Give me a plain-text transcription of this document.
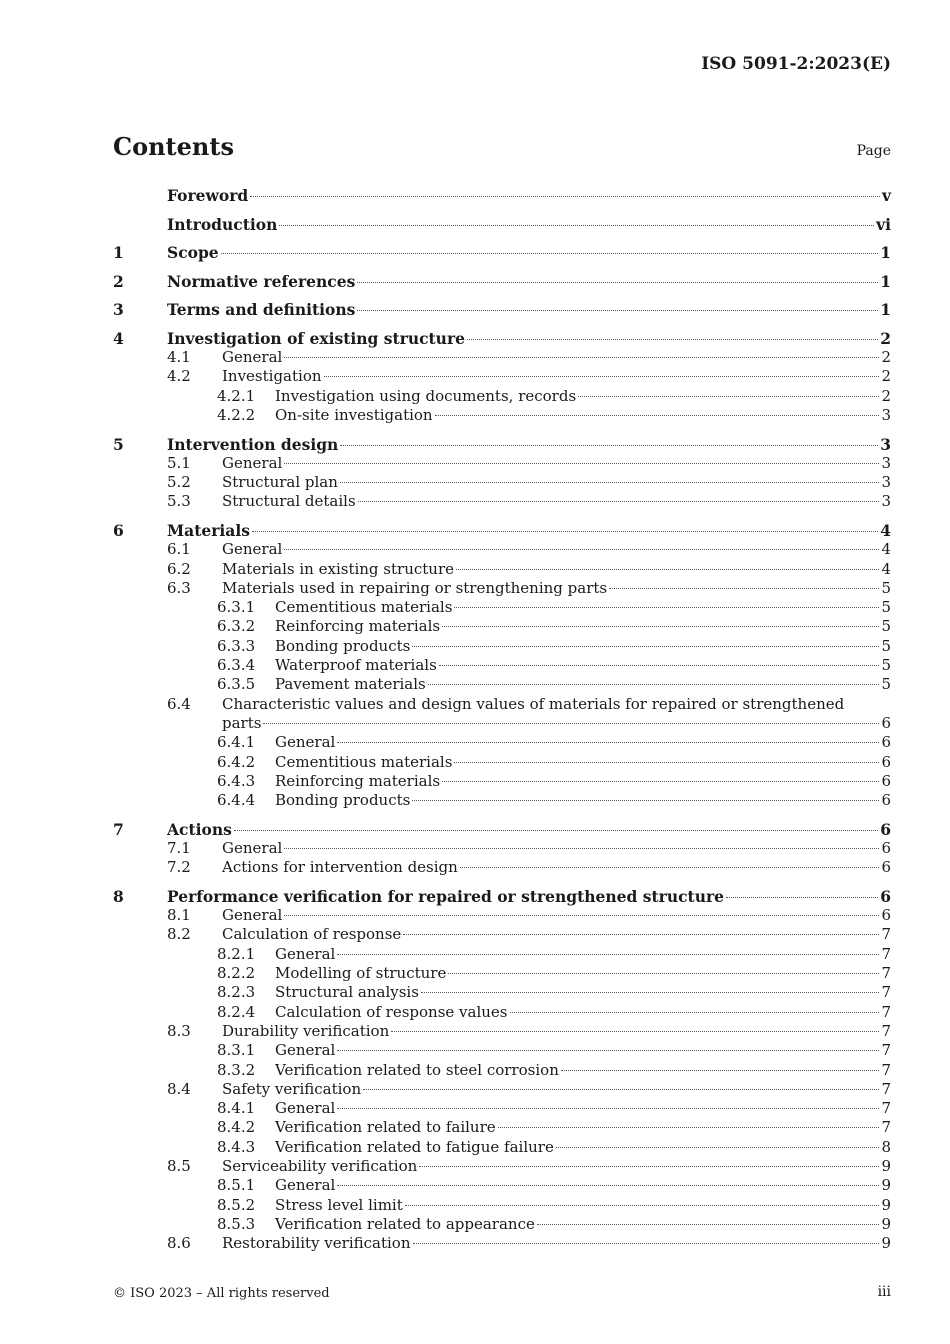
ISO 5091-2:2023(E)
Contents	Page
Foreword	v
Introduction	vi
1	Scope	1
2	Normative references	1
3	Terms and definitions	1
4	Investigation of existing structure	2
4.1	General	2
4.2	Investigation	2
4.2.1	Investigation using documents, records	2
4.2.2	On-site investigation	3
5	Intervention design	3
5.1	General	3
5.2	Structural plan	3
5.3	Structural details	3
6	Materials	4
6.1	General	4
6.2	Materials in existing structure	4
6.3	Materials used in repairing or strengthening parts	5
6.3.1	Cementitious materials	5
6.3.2	Reinforcing materials	5
6.3.3	Bonding products	5
6.3.4	Waterproof materials	5
6.3.5	Pavement materials	5
6.4	Characteristic values and design values of materials for repaired or strengthened
parts	6
6.4.1	General	6
6.4.2	Cementitious materials	6
6.4.3	Reinforcing materials	6
6.4.4	Bonding products	6
7	Actions	6
7.1	General	6
7.2	Actions for intervention design	6
8	Performance verification for repaired or strengthened structure	6
8.1	General	6
8.2	Calculation of response	7
8.2.1	General	7
8.2.2	Modelling of structure	7
8.2.3	Structural analysis	7
8.2.4	Calculation of response values	7
8.3	Durability verification	7
8.3.1	General	7
8.3.2	Verification related to steel corrosion	7
8.4	Safety verification	7
8.4.1	General	7
8.4.2	Verification related to failure	7
8.4.3	Verification related to fatigue failure	8
8.5	Serviceability verification	9
8.5.1	General	9
8.5.2	Stress level limit	9
8.5.3	Verification related to appearance	9
8.6	Restorability verification	9
© ISO 2023 – All rights reserved	iii
